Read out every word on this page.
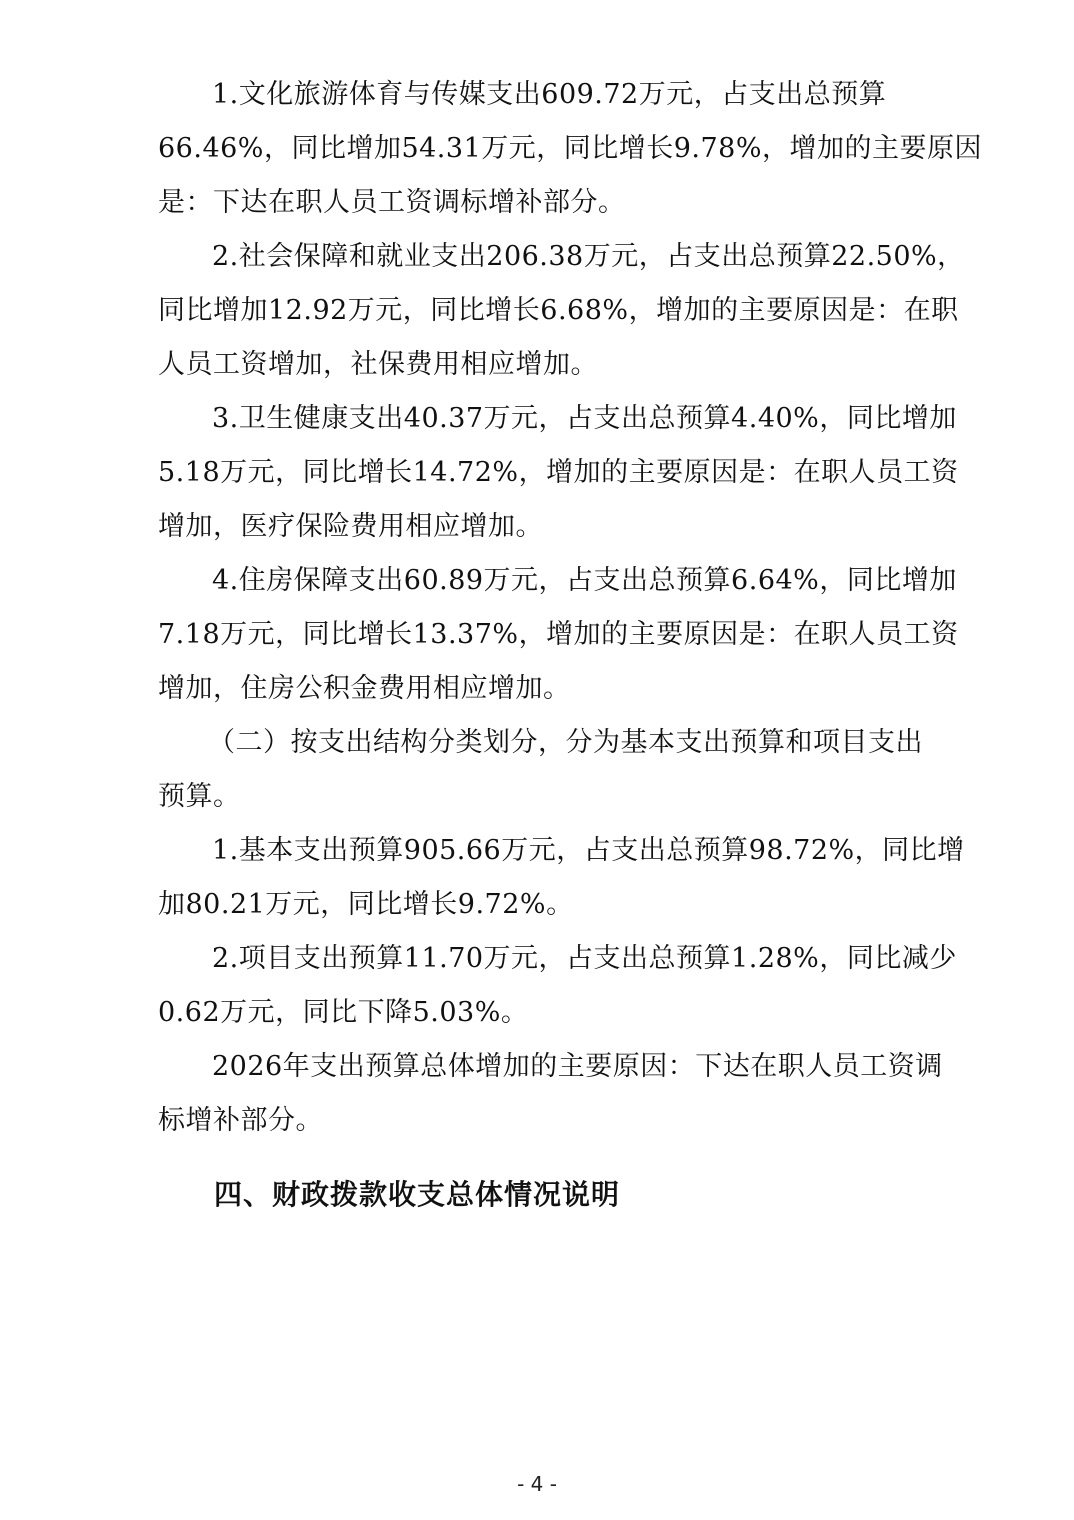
1.文化旅游体育与传媒支出609.72万元，占支出总预算
66.46%，同比增加54.31万元，同比增长9.78%，增加的主要原因
是：下达在职人员工资调标增补部分。

2.社会保障和就业支出206.38万元，占支出总预算22.50%，
同比增加12.92万元，同比增长6.68%，增加的主要原因是：在职
人员工资增加，社保费用相应增加。

3.卫生健康支出40.37万元，占支出总预算4.40%，同比增加
5.18万元，同比增长14.72%，增加的主要原因是：在职人员工资
增加，医疗保险费用相应增加。

4.住房保障支出60.89万元，占支出总预算6.64%，同比增加
7.18万元，同比增长13.37%，增加的主要原因是：在职人员工资
增加，住房公积金费用相应增加。

（二）按支出结构分类划分，分为基本支出预算和项目支出
预算。

1.基本支出预算905.66万元，占支出总预算98.72%，同比增
加80.21万元，同比增长9.72%。

2.项目支出预算11.70万元，占支出总预算1.28%，同比减少
0.62万元，同比下降5.03%。

2026年支出预算总体增加的主要原因：下达在职人员工资调
标增补部分。

四、财政拨款收支总体情况说明
- 4 -
